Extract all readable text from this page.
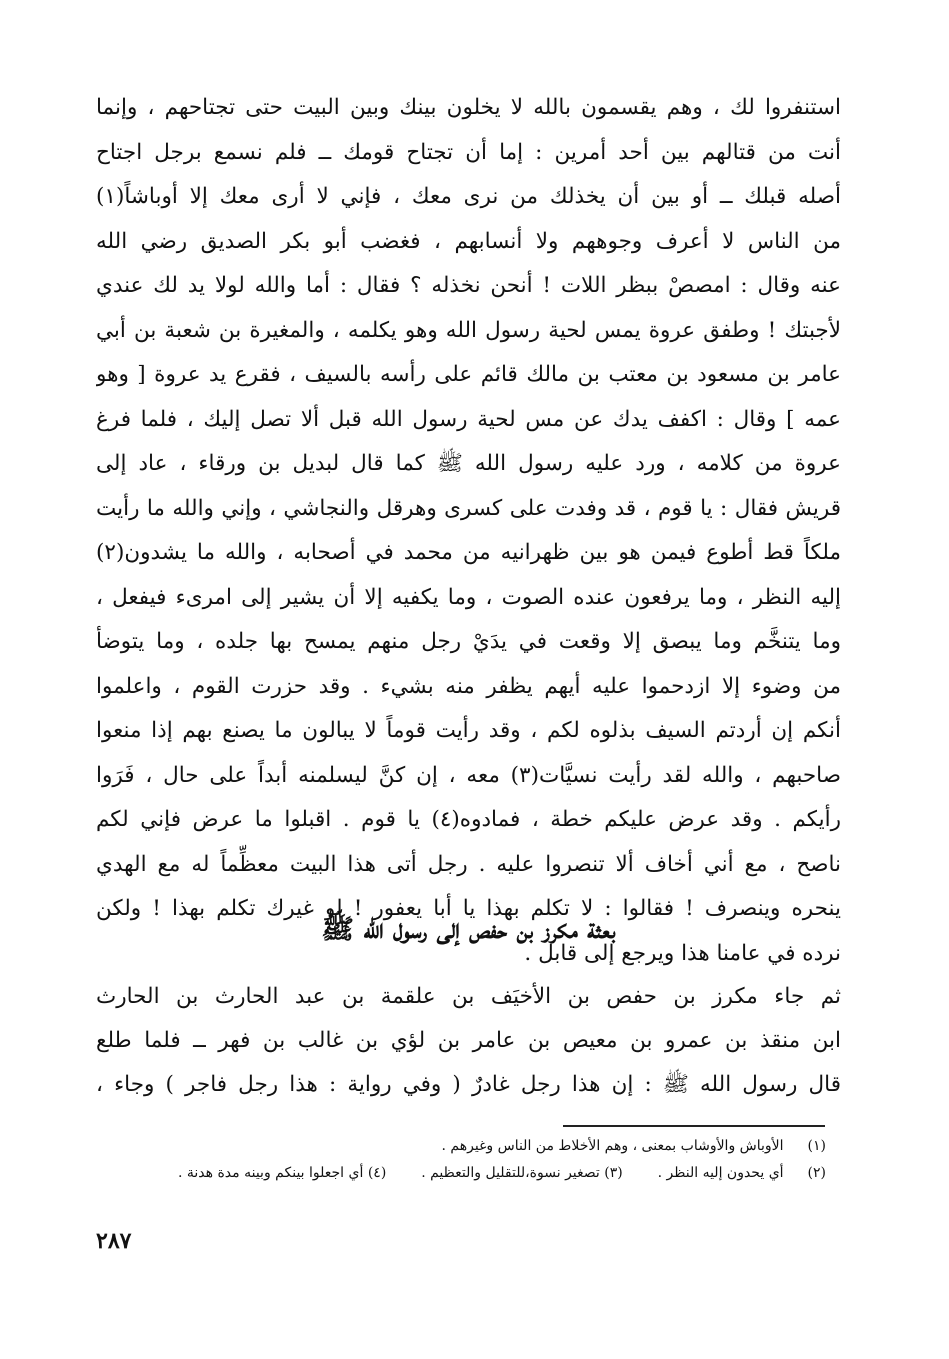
استنفروا لك ، وهم يقسمون بالله لا يخلون بينك وبين البيت حتى تجتاحهم ، وإنما
أنت من قتالهم بين أحد أمرين : إما أن تجتاح قومك ــ فلم نسمع برجل اجتاح
أصله قبلك ــ أو بين أن يخذلك من نرى معك ، فإني لا أرى معك إلا أوباشاً(١)
من الناس لا أعرف وجوههم ولا أنسابهم ، فغضب أبو بكر الصديق رضي الله
عنه وقال : امصصْ ببظر اللات ! أنحن نخذله ؟ فقال : أما والله لولا يد لك عندي
لأجبتك ! وطفق عروة يمس لحية رسول الله وهو يكلمه ، والمغيرة بن شعبة بن أبي
عامر بن مسعود بن معتب بن مالك قائم على رأسه بالسيف ، فقرع يد عروة [ وهو
عمه ] وقال : اكفف يدك عن مس لحية رسول الله قبل ألا تصل إليك ، فلما فرغ
عروة من كلامه ، ورد عليه رسول الله ﷺ كما قال لبديل بن ورقاء ، عاد إلى
قريش فقال : يا قوم ، قد وفدت على كسرى وهرقل والنجاشي ، وإني والله ما رأيت
ملكاً قط أطوع فيمن هو بين ظهرانيه من محمد في أصحابه ، والله ما يشدون(٢)
إليه النظر ، وما يرفعون عنده الصوت ، وما يكفيه إلا أن يشير إلى امرىء فيفعل ،
وما يتنخَّم وما يبصق إلا وقعت في يدَيْ رجل منهم يمسح بها جلده ، وما يتوضأ
من وضوء إلا ازدحموا عليه أيهم يظفر منه بشيء . وقد حزرت القوم ، واعلموا
أنكم إن أردتم السيف بذلوه لكم ، وقد رأيت قوماً لا يبالون ما يصنع بهم إذا منعوا
صاحبهم ، والله لقد رأيت نسيَّات(٣) معه ، إن كنَّ ليسلمنه أبداً على حال ، فَرَوا
رأيكم . وقد عرض عليكم خطة ، فمادوه(٤) يا قوم . اقبلوا ما عرض فإني لكم
ناصح ، مع أني أخاف ألا تنصروا عليه . رجل أتى هذا البيت معظِّماً له مع الهدي
ينحره وينصرف ! فقالوا : لا تكلم بهذا يا أبا يعفور ! لو غيرك تكلم بهذا ! ولكن
نرده في عامنا هذا ويرجع إلى قابل .
بعثة مكرز بن حفص إلى رسول الله ﷺ
ثم جاء مكرز بن حفص بن الأخيَف بن علقمة بن عبد الحارث بن الحارث
ابن منقذ بن عمرو بن معيص بن عامر بن لؤي بن غالب بن فهر ــ فلما طلع
قال رسول الله ﷺ : إن هذا رجل غادرٌ ( وفي رواية : هذا رجل فاجر ) وجاء ،
(١) الأوباش والأوشاب بمعنى ، وهم الأخلاط من الناس وغيرهم .
(٢) أي يحدون إليه النظر .  (٣) تصغير نسوة،للتقليل والتعظيم .  (٤) أي اجعلوا بينكم وبينه مدة هدنة .
٢٨٧
